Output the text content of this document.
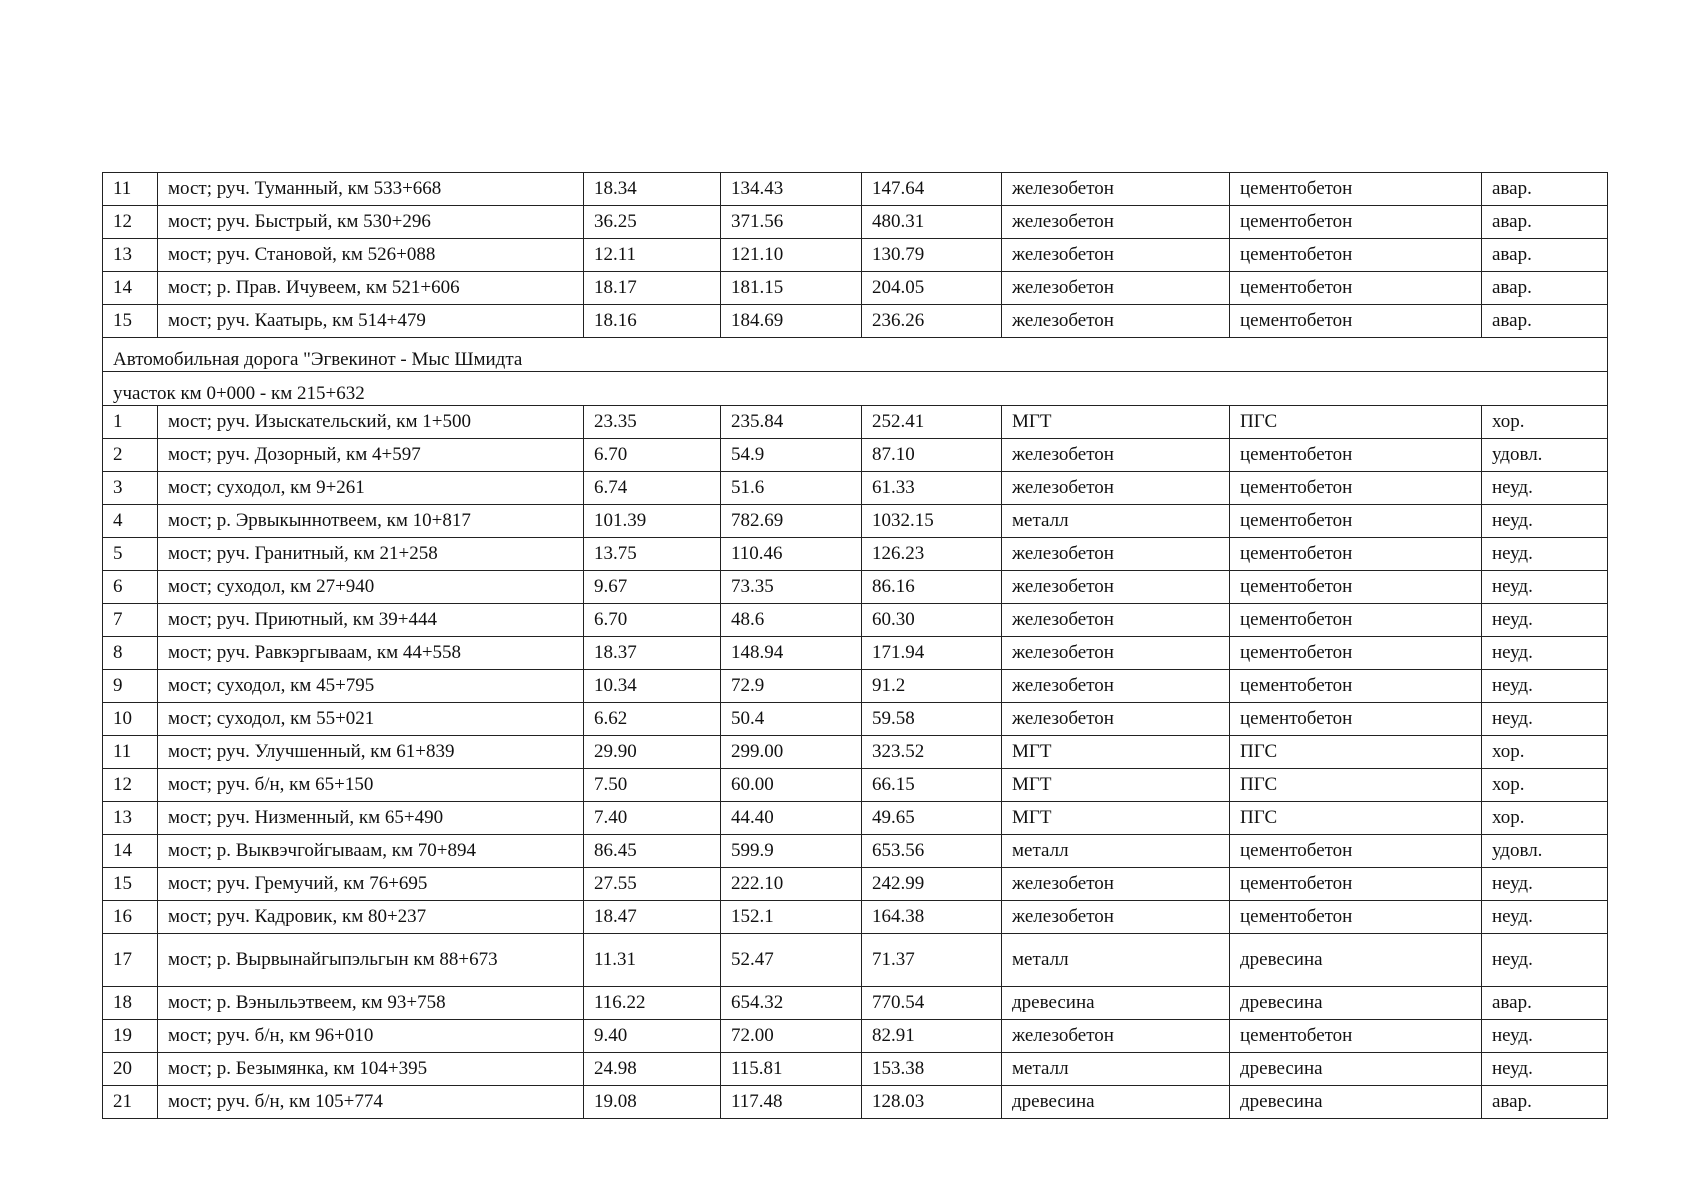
11	мост; руч. Туманный, км 533+668	18.34	134.43	147.64	железобетон	цементобетон	авар.
12	мост; руч. Быстрый, км 530+296	36.25	371.56	480.31	железобетон	цементобетон	авар.
13	мост; руч. Становой, км 526+088	12.11	121.10	130.79	железобетон	цементобетон	авар.
14	мост; р. Прав. Ичувеем, км 521+606	18.17	181.15	204.05	железобетон	цементобетон	авар.
15	мост; руч. Каатырь, км 514+479	18.16	184.69	236.26	железобетон	цементобетон	авар.
Автомобильная дорога "Эгвекинот - Мыс Шмидта							
участок км 0+000 - км 215+632							
1	мост; руч. Изыскательский, км 1+500	23.35	235.84	252.41	МГТ	ПГС	хор.
2	мост; руч. Дозорный, км 4+597	6.70	54.9	87.10	железобетон	цементобетон	удовл.
3	мост; суходол, км 9+261	6.74	51.6	61.33	железобетон	цементобетон	неуд.
4	мост; р. Эрвыкыннотвеем, км 10+817	101.39	782.69	1032.15	металл	цементобетон	неуд.
5	мост; руч. Гранитный, км 21+258	13.75	110.46	126.23	железобетон	цементобетон	неуд.
6	мост; суходол, км 27+940	9.67	73.35	86.16	железобетон	цементобетон	неуд.
7	мост; руч. Приютный, км 39+444	6.70	48.6	60.30	железобетон	цементобетон	неуд.
8	мост; руч. Равкэргываам, км 44+558	18.37	148.94	171.94	железобетон	цементобетон	неуд.
9	мост; суходол, км 45+795	10.34	72.9	91.2	железобетон	цементобетон	неуд.
10	мост; суходол, км 55+021	6.62	50.4	59.58	железобетон	цементобетон	неуд.
11	мост; руч. Улучшенный, км 61+839	29.90	299.00	323.52	МГТ	ПГС	хор.
12	мост; руч. б/н, км 65+150	7.50	60.00	66.15	МГТ	ПГС	хор.
13	мост; руч. Низменный, км 65+490	7.40	44.40	49.65	МГТ	ПГС	хор.
14	мост; р. Выквэчгойгываам, км 70+894	86.45	599.9	653.56	металл	цементобетон	удовл.
15	мост; руч. Гремучий, км 76+695	27.55	222.10	242.99	железобетон	цементобетон	неуд.
16	мост; руч. Кадровик, км 80+237	18.47	152.1	164.38	железобетон	цементобетон	неуд.
17	мост; р. Вырвынайгыпэльгын км 88+673	11.31	52.47	71.37	металл	древесина	неуд.
18	мост; р. Вэныльэтвеем, км 93+758	116.22	654.32	770.54	древесина	древесина	авар.
19	мост; руч. б/н, км 96+010	9.40	72.00	82.91	железобетон	цементобетон	неуд.
20	мост; р. Безымянка, км 104+395	24.98	115.81	153.38	металл	древесина	неуд.
21	мост; руч. б/н, км 105+774	19.08	117.48	128.03	древесина	древесина	авар.
